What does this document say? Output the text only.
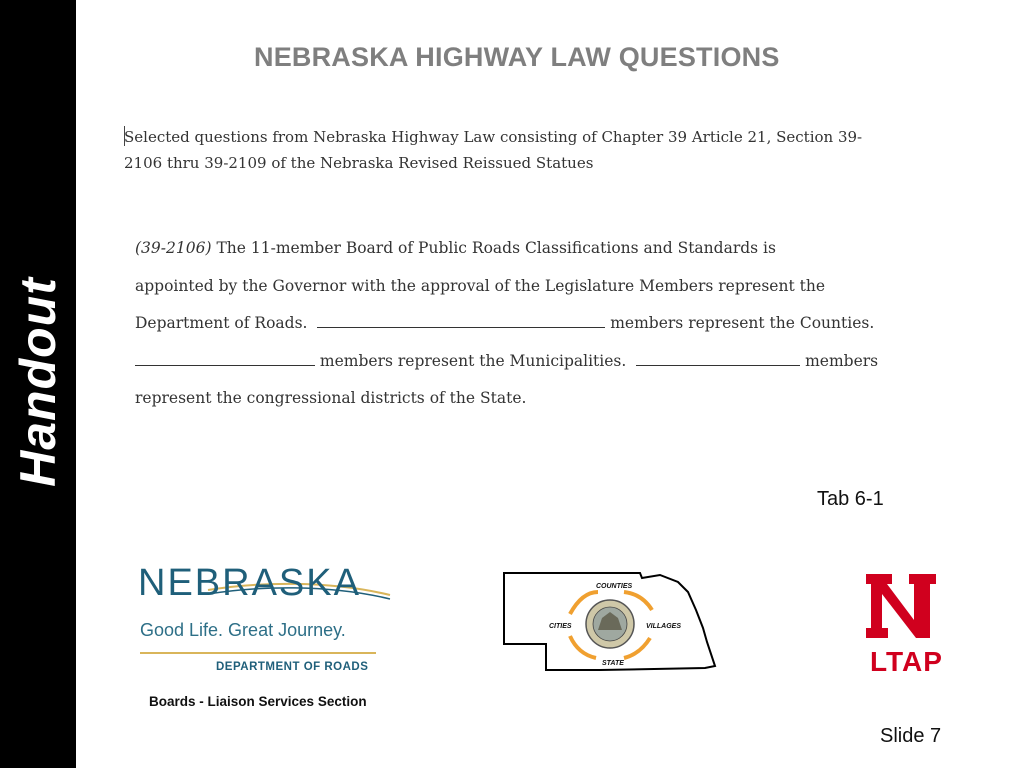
Handout
NEBRASKA HIGHWAY LAW QUESTIONS
Selected questions from Nebraska Highway Law consisting of Chapter 39 Article 21, Section 39-
2106 thru 39-2109 of the Nebraska Revised Reissued Statues
(39-2106) The 11-member Board of Public Roads Classifications and Standards is
appointed by the Governor with the approval of the Legislature Members represent the
Department of Roads.	members represent the Counties.
members represent the Municipalities.	members
represent the congressional districts of the State.
Tab 6-1
NEBRASKA
Good Life. Great Journey.
DEPARTMENT OF ROADS
COUNTIES
CITIES	VILLAGES
STATE	LTAP
Boards - Liaison Services Section
Slide 7
